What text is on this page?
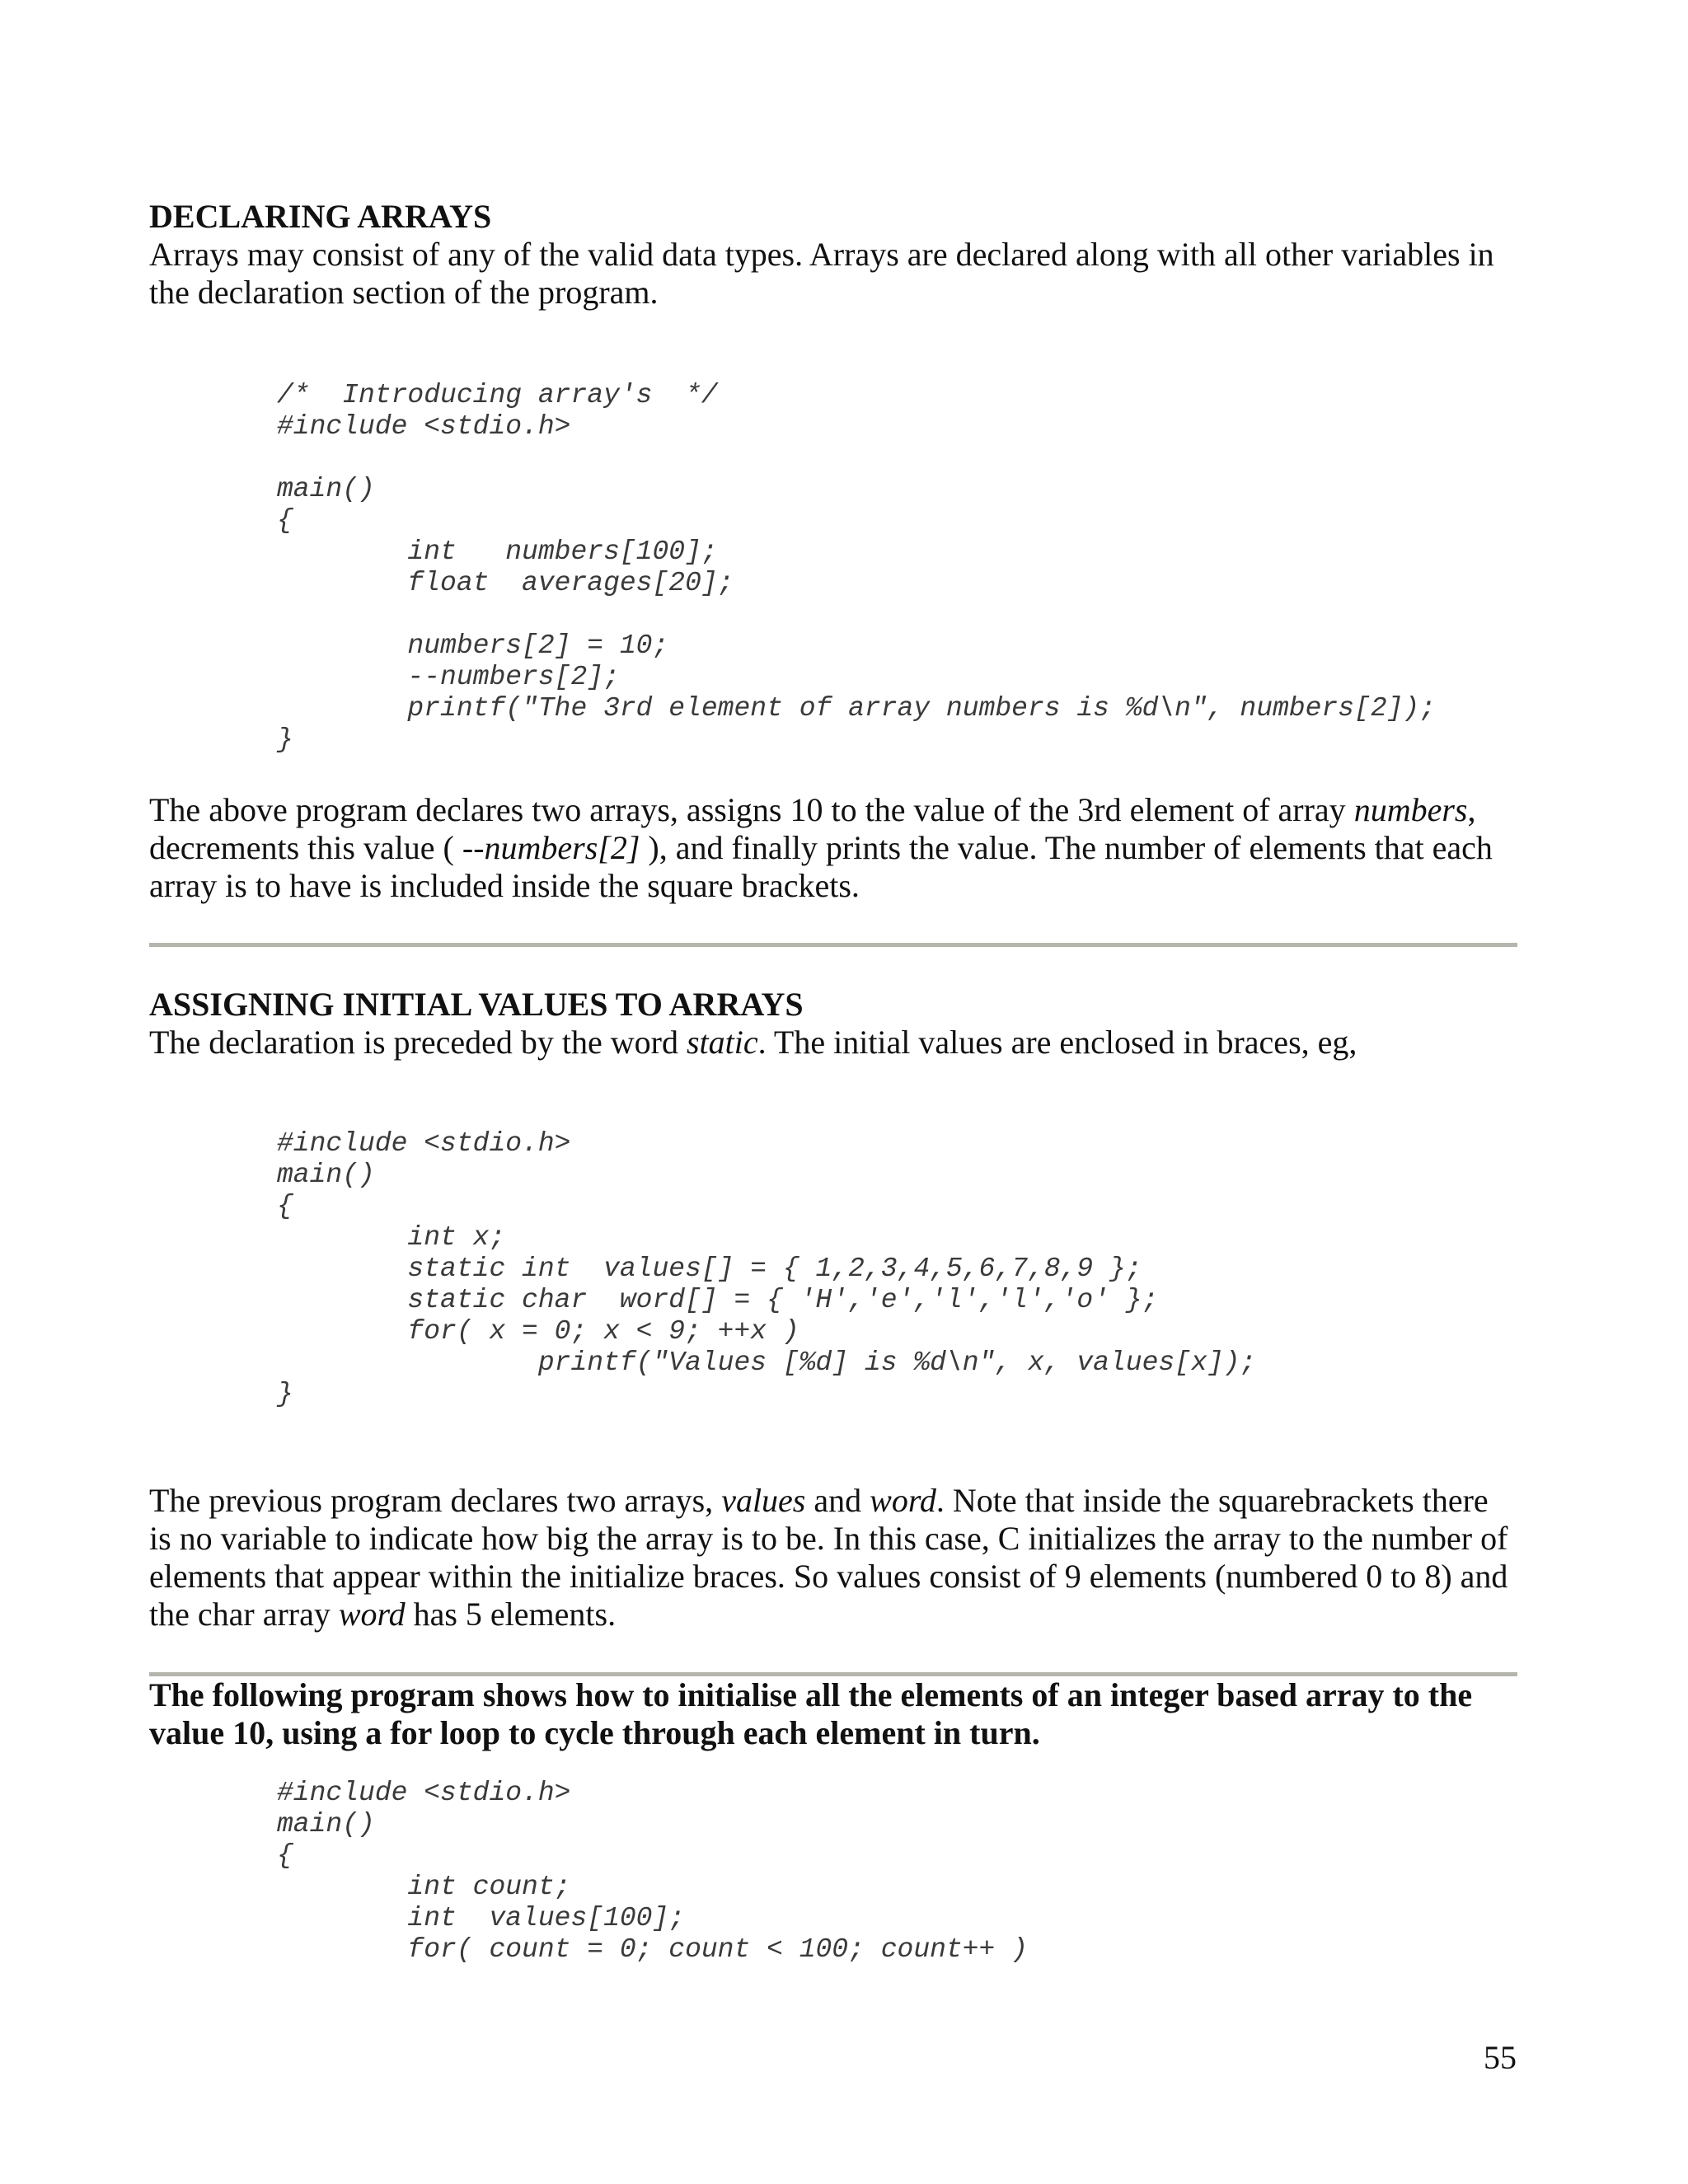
DECLARING ARRAYS

Arrays may consist of any of the valid data types. Arrays are declared along with all other variables in the declaration section of the program.

/*  Introducing array's  */
#include <stdio.h>

main()
{
int   numbers[100];
float  averages[20];

numbers[2] = 10;
--numbers[2];
printf("The 3rd element of array numbers is %d\n", numbers[2]);
}

The above program declares two arrays, assigns 10 to the value of the 3rd element of array numbers, decrements this value ( --numbers[2] ), and finally prints the value. The number of elements that each array is to have is included inside the square brackets.

ASSIGNING INITIAL VALUES TO ARRAYS

The declaration is preceded by the word static. The initial values are enclosed in braces, eg,

#include <stdio.h>
main()
{
int x;
static int  values[] = { 1,2,3,4,5,6,7,8,9 };
static char  word[] = { 'H','e','l','l','o' };
for( x = 0; x < 9; ++x )
printf("Values [%d] is %d\n", x, values[x]);
}

The previous program declares two arrays, values and word. Note that inside the squarebrackets there is no variable to indicate how big the array is to be. In this case, C initializes the array to the number of elements that appear within the initialize braces. So values consist of 9 elements (numbered 0 to 8) and the char array word has 5 elements.

The following program shows how to initialise all the elements of an integer based array to the value 10, using a for loop to cycle through each element in turn.

#include <stdio.h>
main()
{
int count;
int  values[100];
for( count = 0; count < 100; count++ )
55
